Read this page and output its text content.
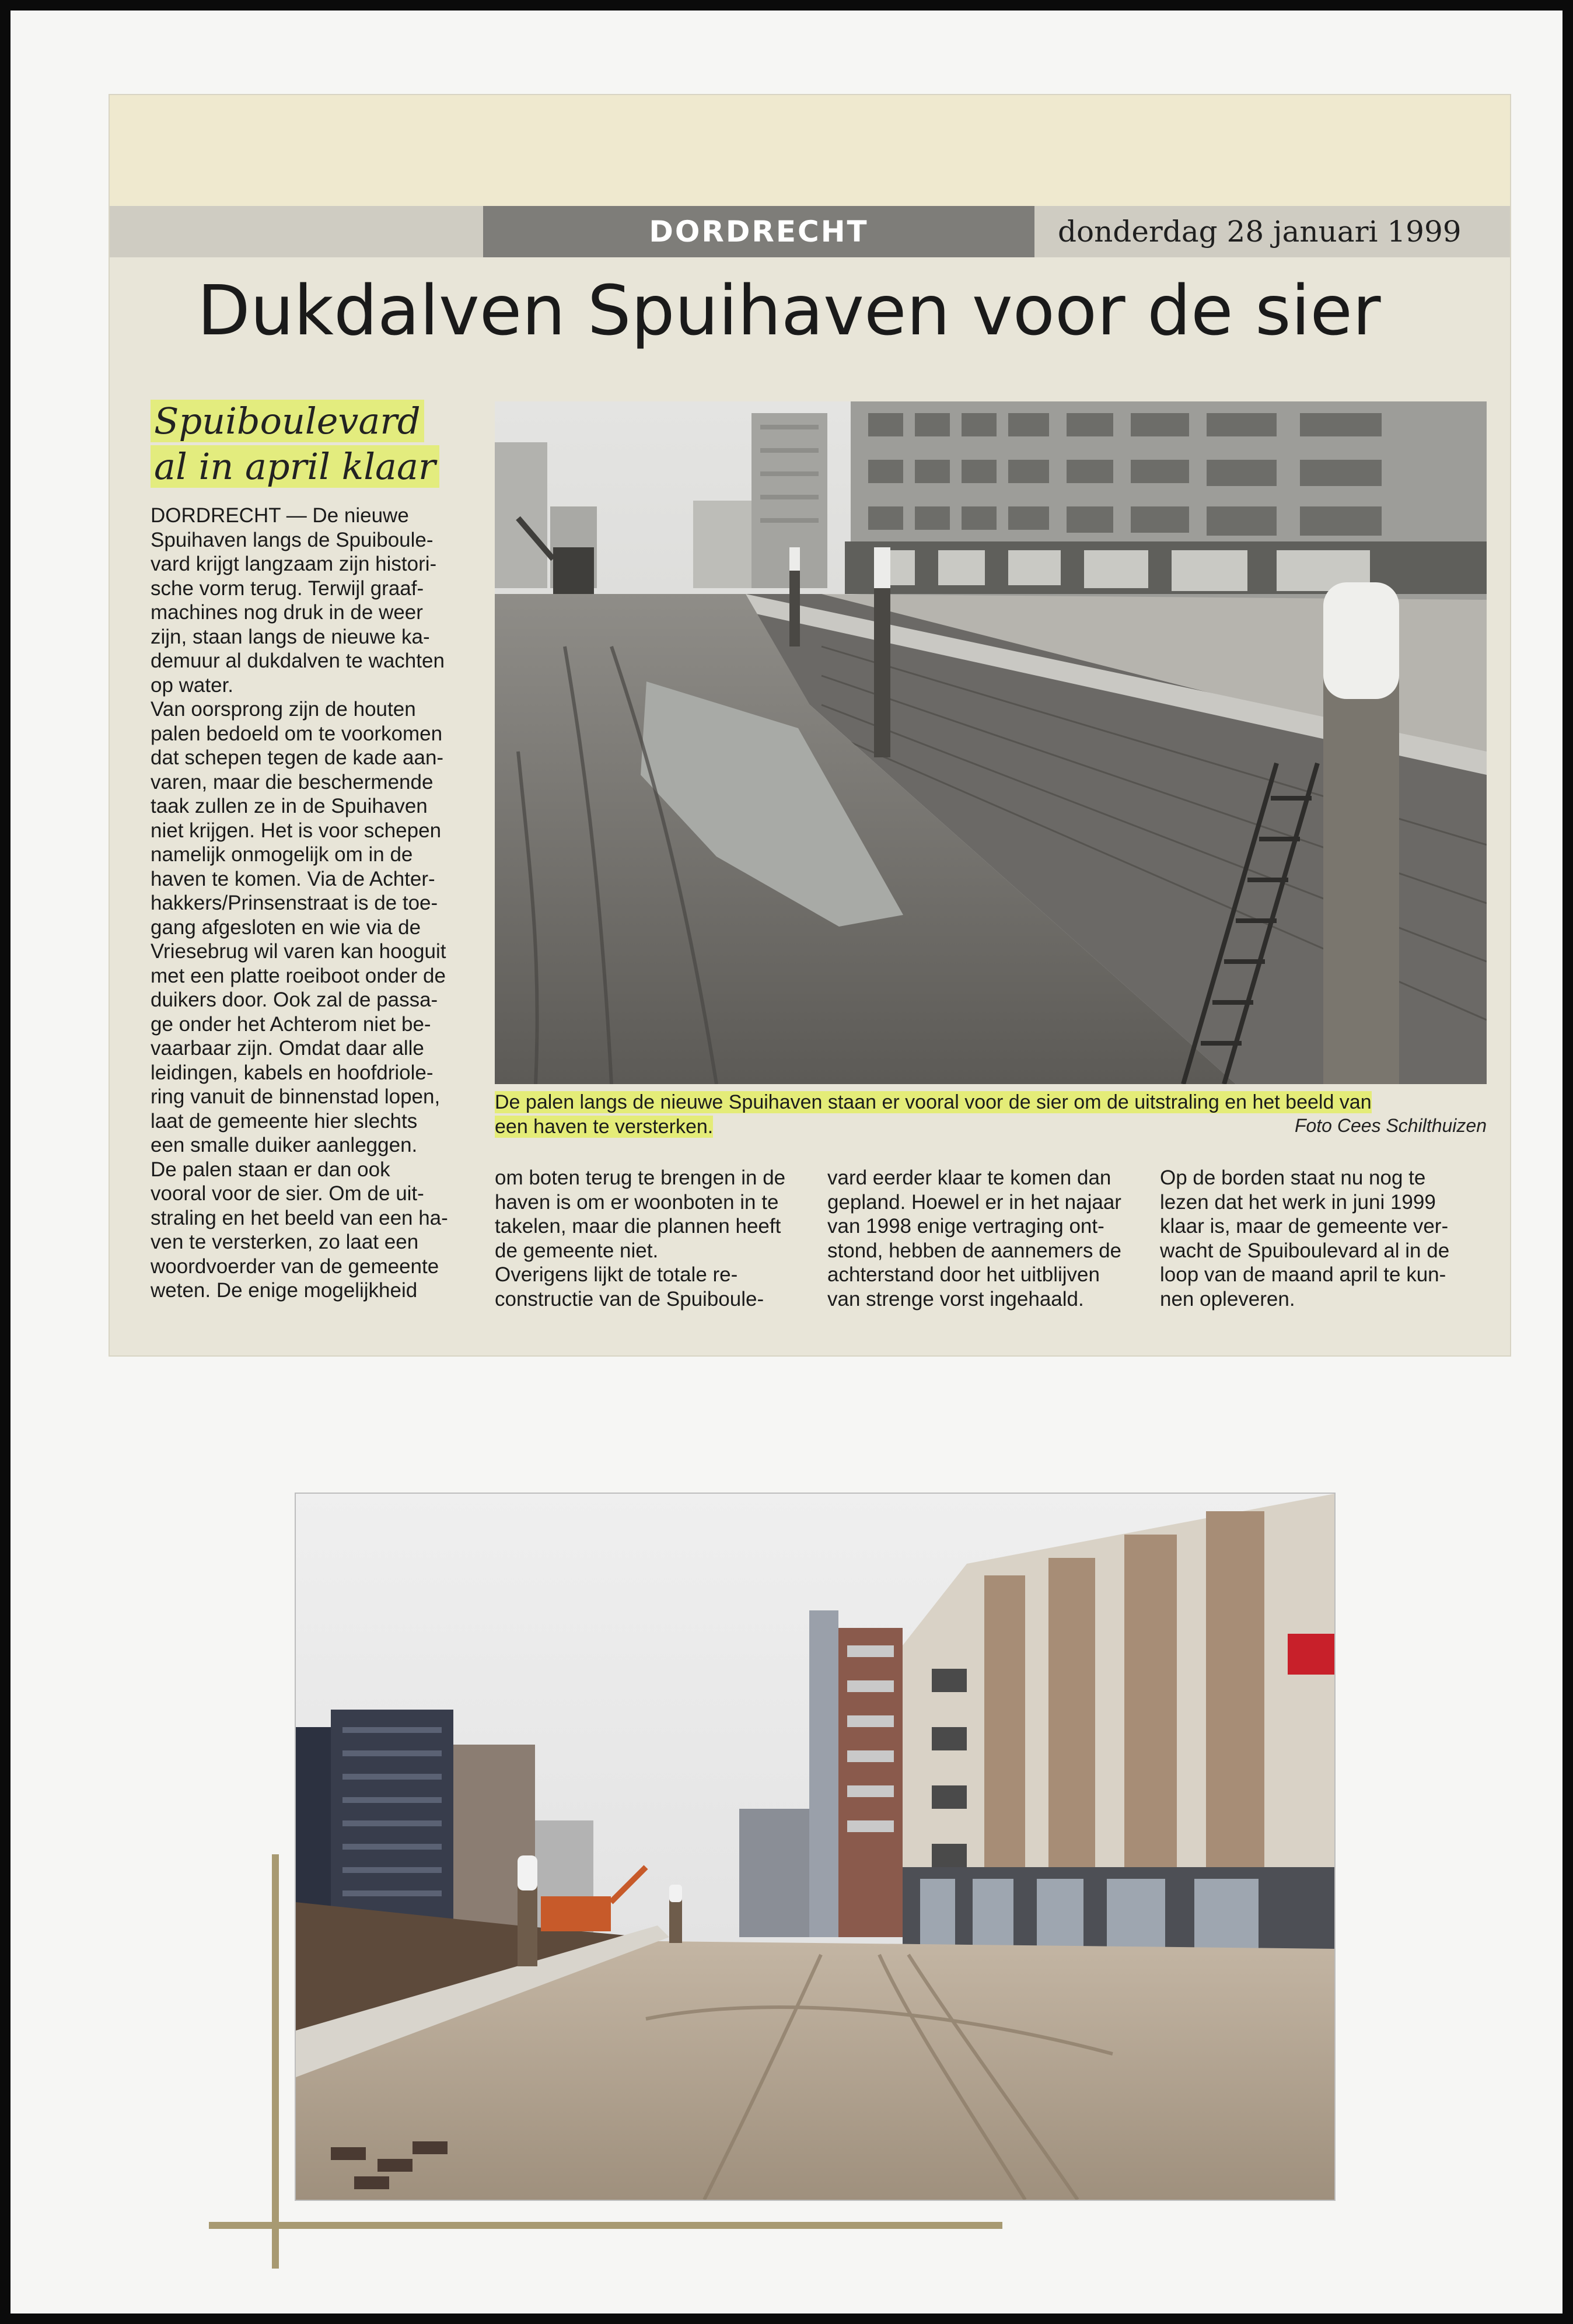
DORDRECHT	donderdag 28 januari 1999
Dukdalven Spuihaven voor de sier
Spuiboulevard
al in april klaar
De palen langs de nieuwe Spuihaven staan er vooral voor de sier om de uitstraling en het beeld van
een haven te versterken.	Foto Cees Schilthuizen
DORDRECHT — De nieuwe
Spuihaven langs de Spuiboule-
vard krijgt langzaam zijn histori-
sche vorm terug. Terwijl graaf-
machines nog druk in de weer
zijn, staan langs de nieuwe ka-
demuur al dukdalven te wachten
op water.
Van oorsprong zijn de houten
palen bedoeld om te voorkomen
dat schepen tegen de kade aan-
varen, maar die beschermende
taak zullen ze in de Spuihaven
niet krijgen. Het is voor schepen
namelijk onmogelijk om in de
haven te komen. Via de Achter-
hakkers/Prinsenstraat is de toe-
gang afgesloten en wie via de
Vriesebrug wil varen kan hooguit
met een platte roeiboot onder de
duikers door. Ook zal de passa-
ge onder het Achterom niet be-
vaarbaar zijn. Omdat daar alle
leidingen, kabels en hoofdriole-
ring vanuit de binnenstad lopen,
laat de gemeente hier slechts
een smalle duiker aanleggen.
De palen staan er dan ook
vooral voor de sier. Om de uit-
straling en het beeld van een ha-
ven te versterken, zo laat een
woordvoerder van de gemeente
weten. De enige mogelijkheid
om boten terug te brengen in de
haven is om er woonboten in te
takelen, maar die plannen heeft
de gemeente niet.
Overigens lijkt de totale re-
constructie van de Spuiboule-
vard eerder klaar te komen dan
gepland. Hoewel er in het najaar
van 1998 enige vertraging ont-
stond, hebben de aannemers de
achterstand door het uitblijven
van strenge vorst ingehaald.
Op de borden staat nu nog te
lezen dat het werk in juni 1999
klaar is, maar de gemeente ver-
wacht de Spuiboulevard al in de
loop van de maand april te kun-
nen opleveren.
